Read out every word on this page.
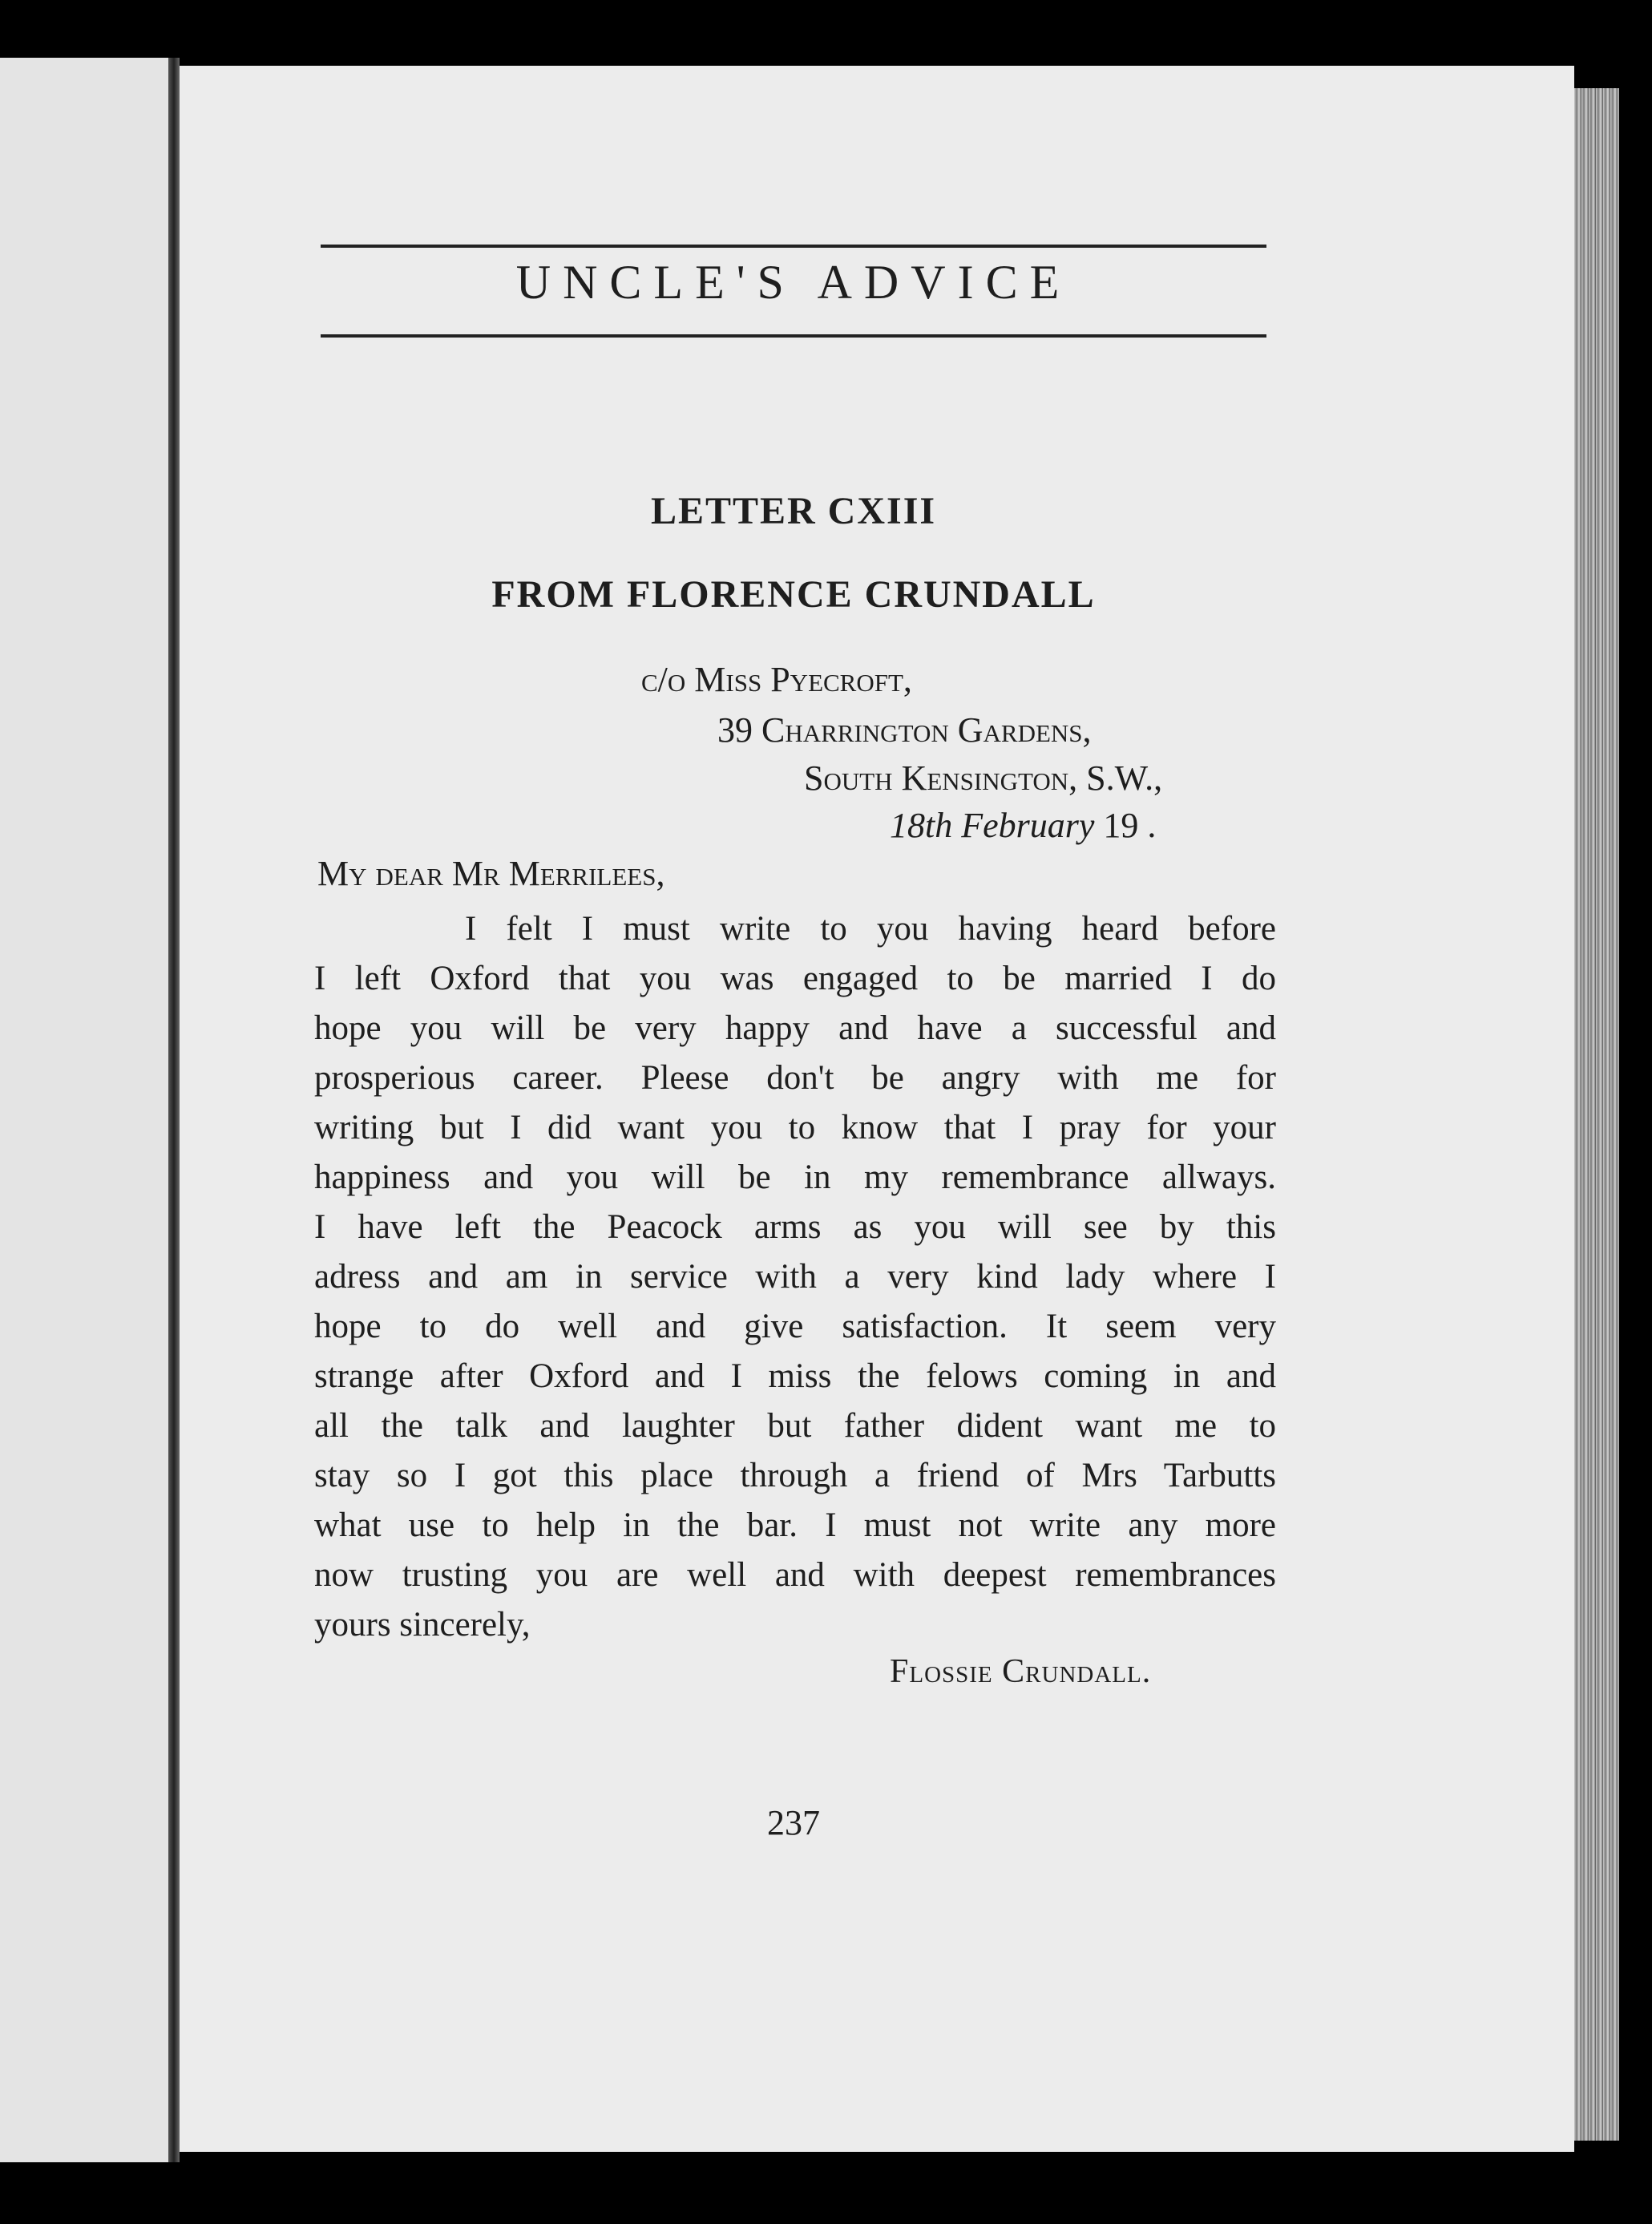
UNCLE'S ADVICE
LETTER CXIII
FROM FLORENCE CRUNDALL
c/o Miss Pyecroft,
39 Charrington Gardens,
South Kensington, S.W.,
18th February 19 .
My dear Mr Merrilees,
I felt I must write to you having heard before
I left Oxford that you was engaged to be married I do
hope you will be very happy and have a successful and
prosperious career. Pleese don't be angry with me for
writing but I did want you to know that I pray for your
happiness and you will be in my remembrance allways.
I have left the Peacock arms as you will see by this
adress and am in service with a very kind lady where I
hope to do well and give satisfaction. It seem very
strange after Oxford and I miss the felows coming in and
all the talk and laughter but father dident want me to
stay so I got this place through a friend of Mrs Tarbutts
what use to help in the bar. I must not write any more
now trusting you are well and with deepest remembrances
yours sincerely,
Flossie Crundall.
237
